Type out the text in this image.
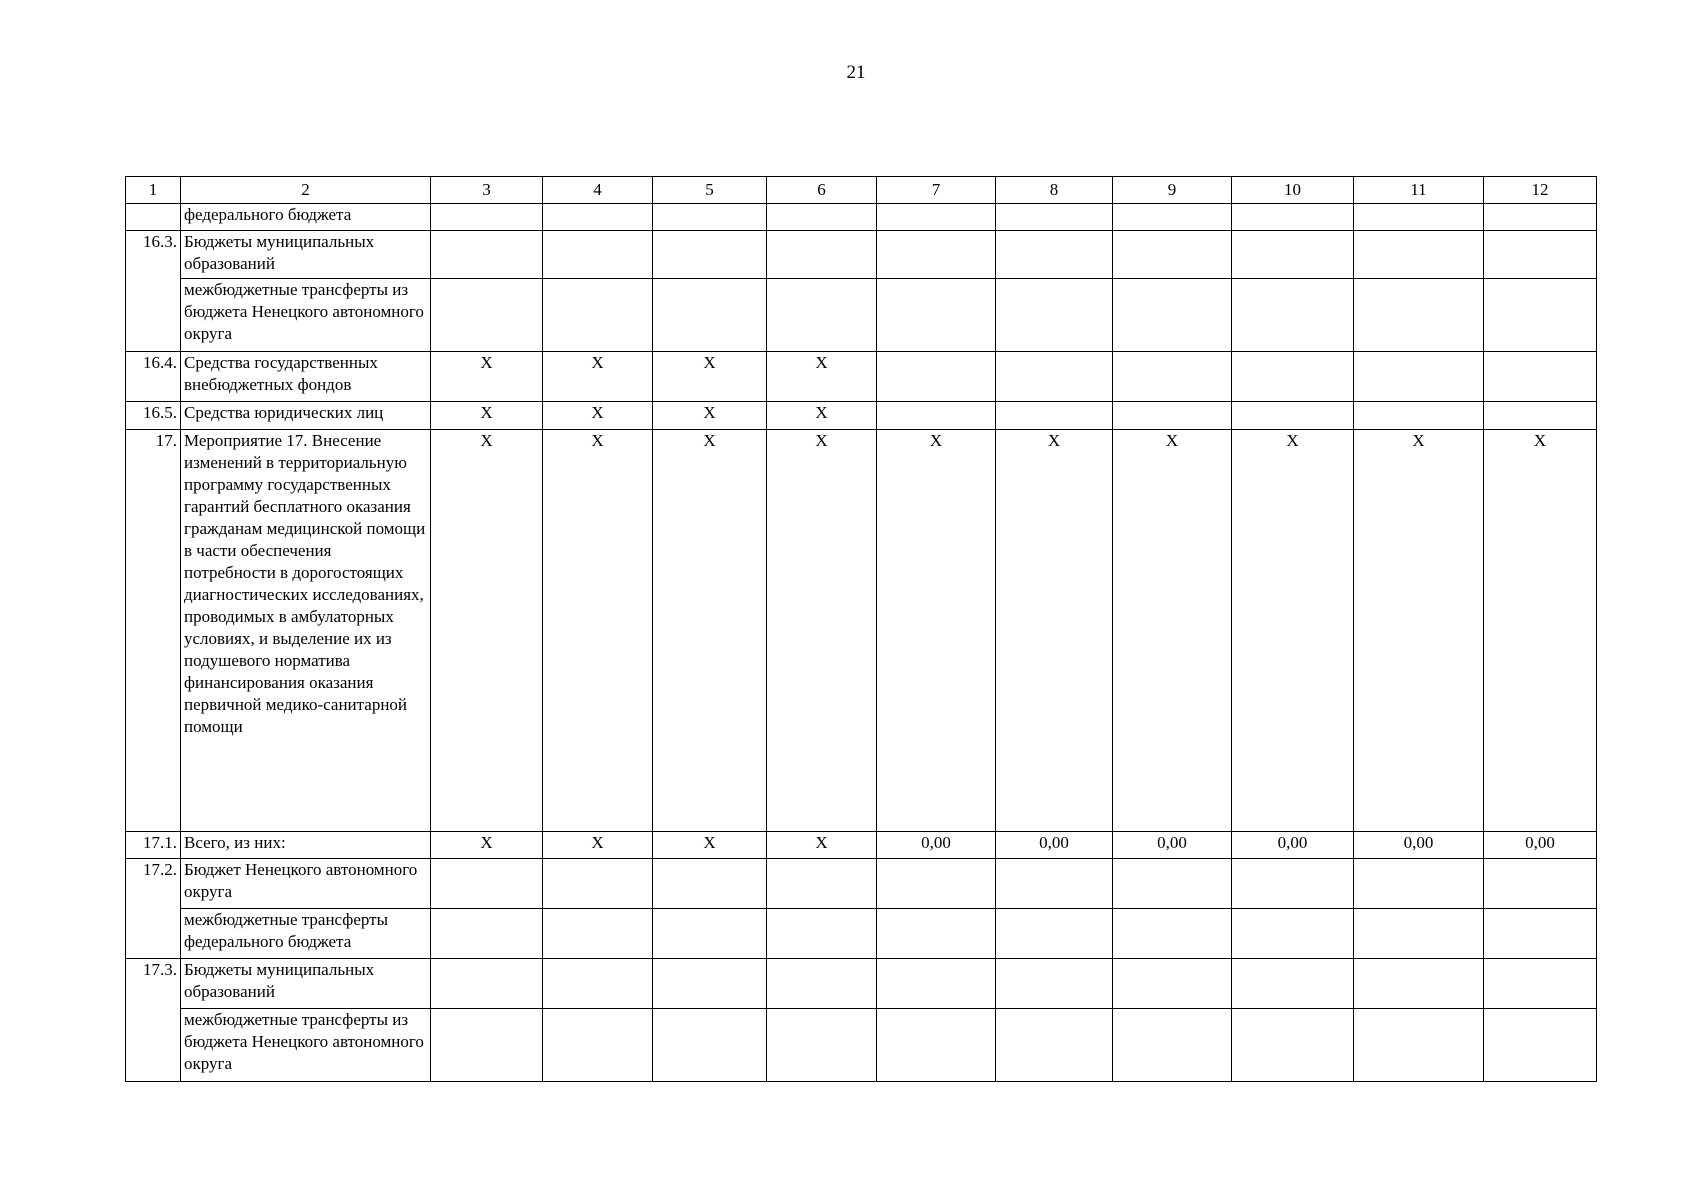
21
1	2	3	4	5	6	7	8	9	10	11	12
	федерального бюджета										
16.3.	Бюджеты муниципальных образований										
	межбюджетные трансферты из бюджета Ненецкого автономного округа										
16.4.	Средства государственных внебюджетных фондов	Х	Х	Х	Х						
16.5.	Средства юридических лиц	Х	Х	Х	Х						
17.	Мероприятие 17. Внесение изменений в территориальную программу государственных гарантий бесплатного оказания гражданам медицинской помощи в части обеспечения потребности в дорогостоящих диагностических исследованиях, проводимых в амбулаторных условиях, и выделение их из подушевого норматива финансирования оказания первичной медико-санитарной помощи	Х	Х	Х	Х	Х	Х	Х	Х	Х	Х
17.1.	Всего, из них:	Х	Х	Х	Х	0,00	0,00	0,00	0,00	0,00	0,00
17.2.	Бюджет Ненецкого автономного округа										
	межбюджетные трансферты федерального бюджета										
17.3.	Бюджеты муниципальных образований										
	межбюджетные трансферты из бюджета Ненецкого автономного округа										
